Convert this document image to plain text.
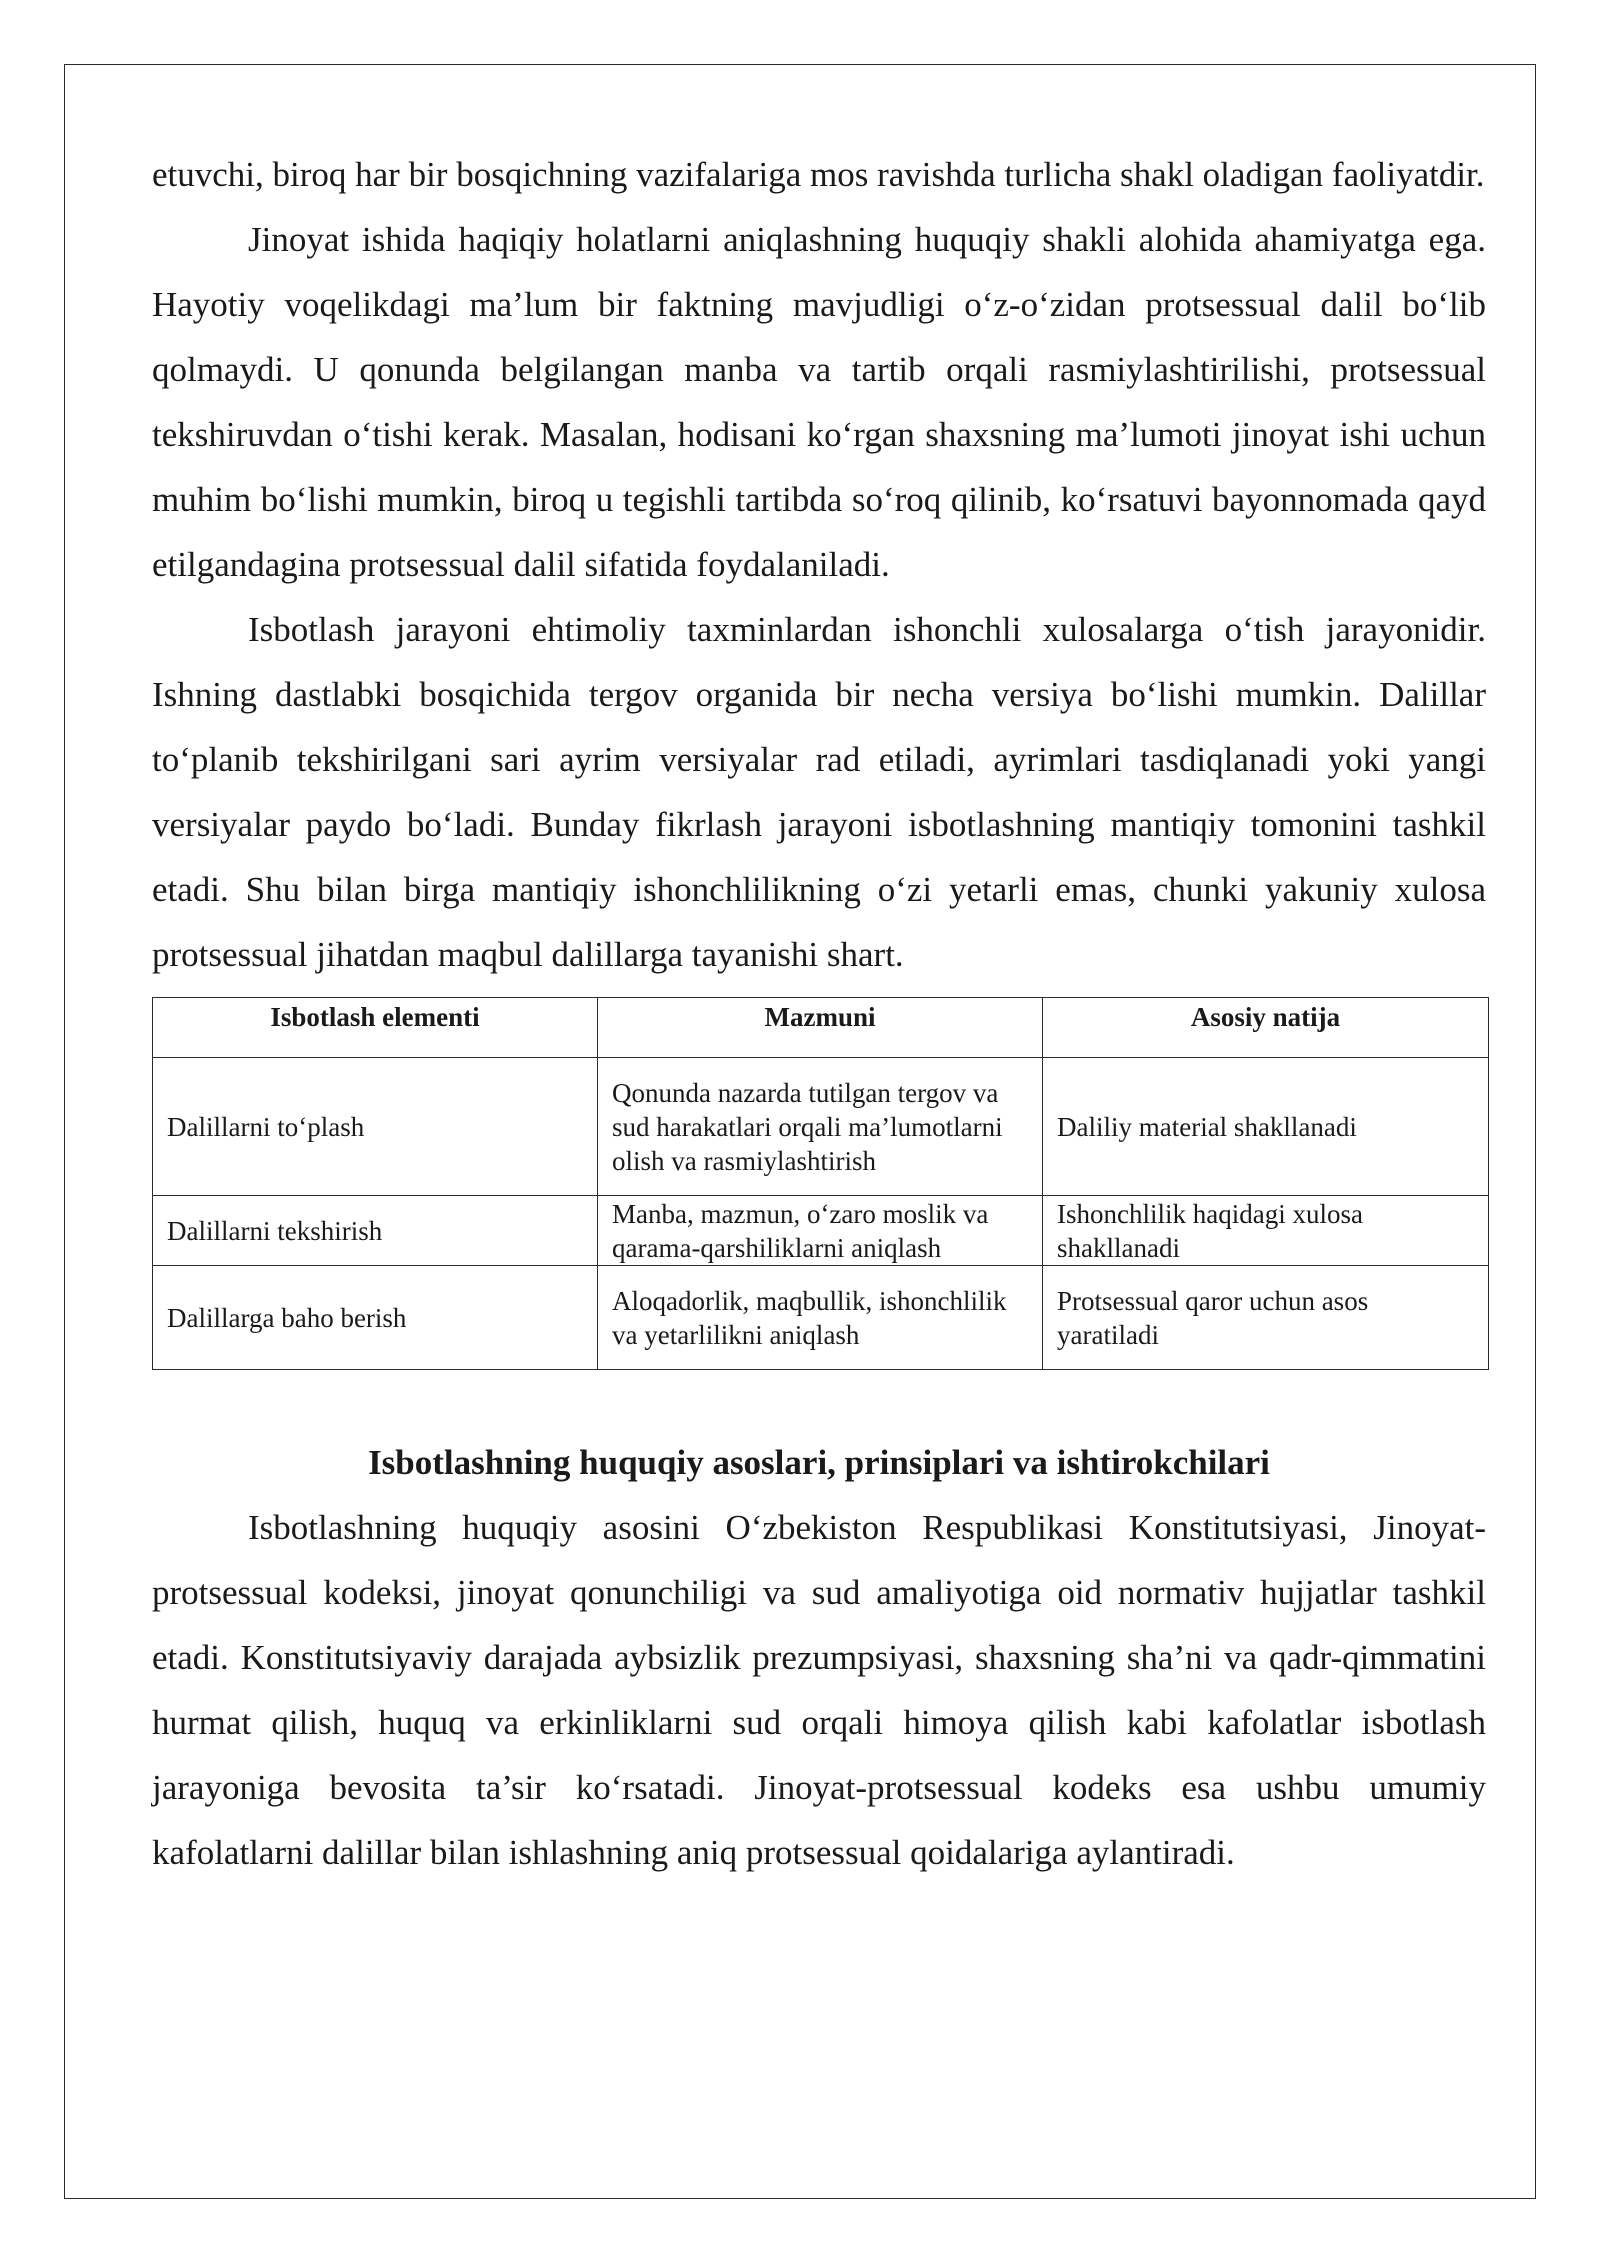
etuvchi, biroq har bir bosqichning vazifalariga mos ravishda turlicha shakl oladigan faoliyatdir.

Jinoyat ishida haqiqiy holatlarni aniqlashning huquqiy shakli alohida ahamiyatga ega. Hayotiy voqelikdagi ma’lum bir faktning mavjudligi o‘z-o‘zidan protsessual dalil bo‘lib qolmaydi. U qonunda belgilangan manba va tartib orqali rasmiylashtirilishi, protsessual tekshiruvdan o‘tishi kerak. Masalan, hodisani ko‘rgan shaxsning ma’lumoti jinoyat ishi uchun muhim bo‘lishi mumkin, biroq u tegishli tartibda so‘roq qilinib, ko‘rsatuvi bayonnomada qayd etilgandagina protsessual dalil sifatida foydalaniladi.

Isbotlash jarayoni ehtimoliy taxminlardan ishonchli xulosalarga o‘tish jarayonidir. Ishning dastlabki bosqichida tergov organida bir necha versiya bo‘lishi mumkin. Dalillar to‘planib tekshirilgani sari ayrim versiyalar rad etiladi, ayrimlari tasdiqlanadi yoki yangi versiyalar paydo bo‘ladi. Bunday fikrlash jarayoni isbotlashning mantiqiy tomonini tashkil etadi. Shu bilan birga mantiqiy ishonchlilikning o‘zi yetarli emas, chunki yakuniy xulosa protsessual jihatdan maqbul dalillarga tayanishi shart.

Isbotlash elementi	Mazmuni	Asosiy natija
Dalillarni to‘plash	Qonunda nazarda tutilgan tergov va sud harakatlari orqali ma’lumotlarni olish va rasmiylashtirish	Daliliy material shakllanadi
Dalillarni tekshirish	Manba, mazmun, o‘zaro moslik va qarama-qarshiliklarni aniqlash	Ishonchlilik haqidagi xulosa shakllanadi
Dalillarga baho berish	Aloqadorlik, maqbullik, ishonchlilik va yetarlilikni aniqlash	Protsessual qaror uchun asos yaratiladi
Isbotlashning huquqiy asoslari, prinsiplari va ishtirokchilari

Isbotlashning huquqiy asosini O‘zbekiston Respublikasi Konstitutsiyasi, Jinoyat-protsessual kodeksi, jinoyat qonunchiligi va sud amaliyotiga oid normativ hujjatlar tashkil etadi. Konstitutsiyaviy darajada aybsizlik prezumpsiyasi, shaxsning sha’ni va qadr-qimmatini hurmat qilish, huquq va erkinliklarni sud orqali himoya qilish kabi kafolatlar isbotlash jarayoniga bevosita ta’sir ko‘rsatadi. Jinoyat-protsessual kodeks esa ushbu umumiy kafolatlarni dalillar bilan ishlashning aniq protsessual qoidalariga aylantiradi.
